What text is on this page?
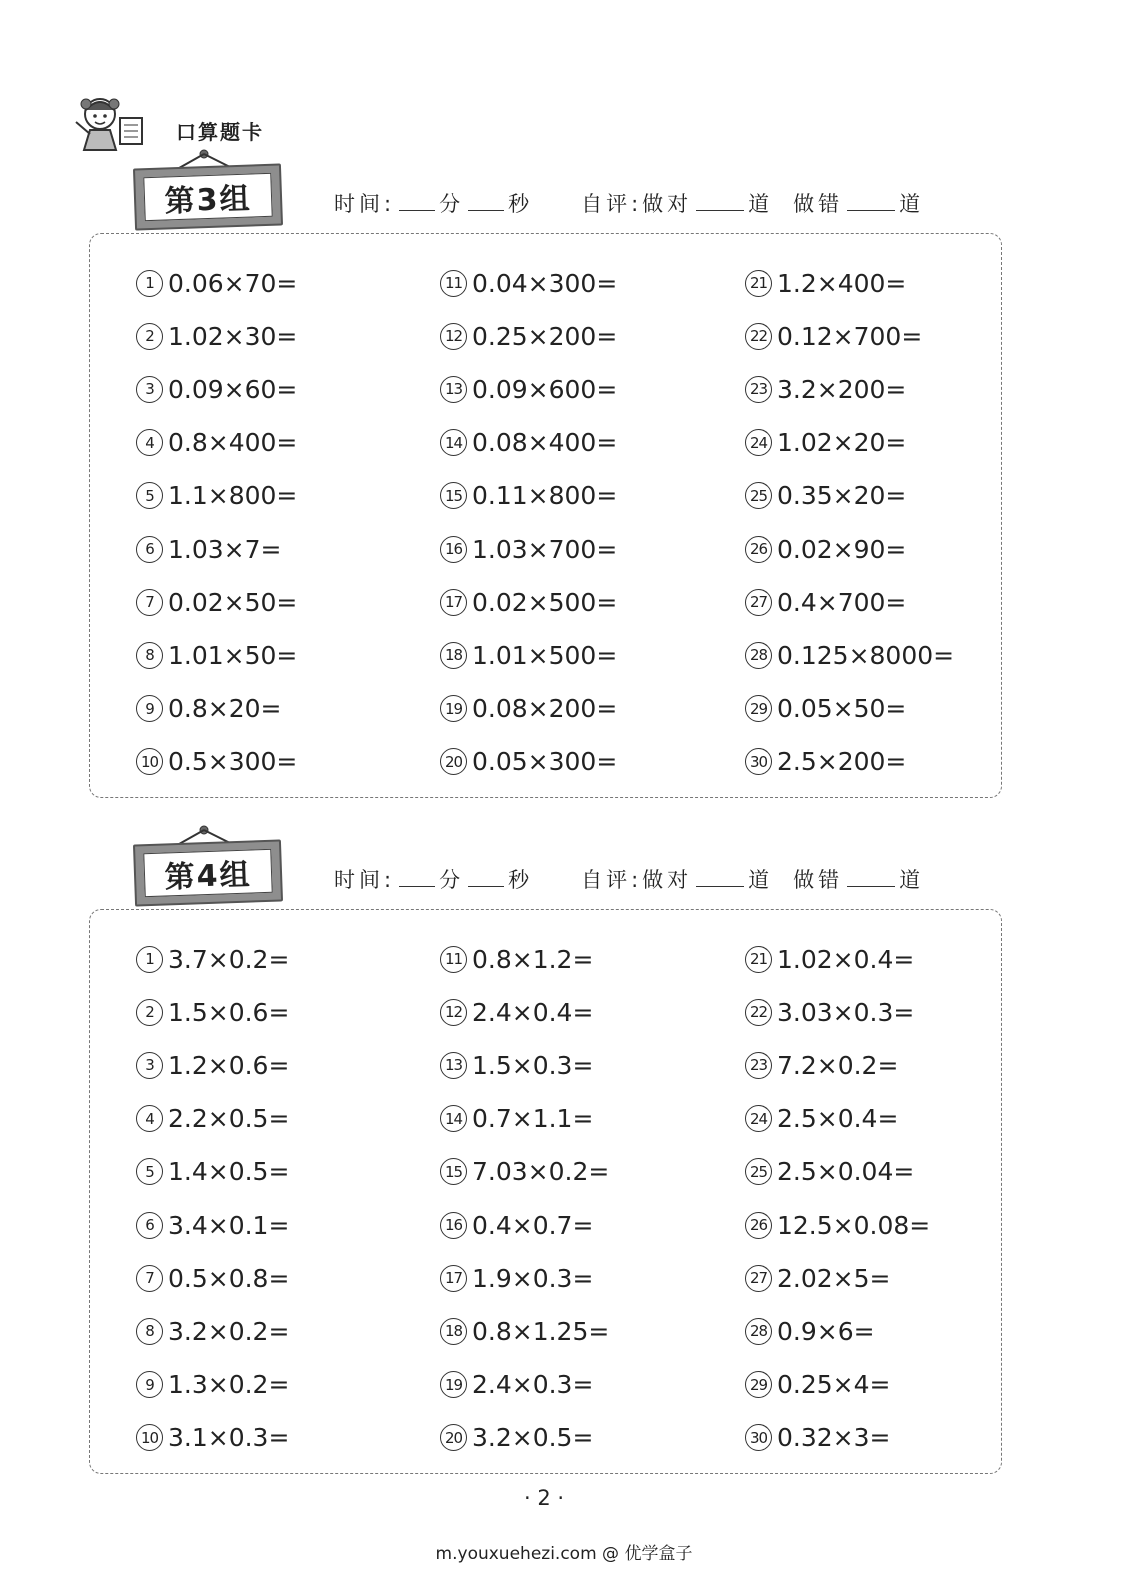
口算题卡
第3组	时间: 分 秒 自评:做对	道 做错	道
1 0.06×70=
2 1.02×30=
3 0.09×60=
4 0.8×400=
5 1.1×800=
6 1.03×7=
7 0.02×50=
8 1.01×50=
9 0.8×20=
10 0.5×300=
11 0.04×300=
12 0.25×200=
13 0.09×600=
14 0.08×400=
15 0.11×800=
16 1.03×700=
17 0.02×500=
18 1.01×500=
19 0.08×200=
20 0.05×300=
21 1.2×400=
22 0.12×700=
23 3.2×200=
24 1.02×20=
25 0.35×20=
26 0.02×90=
27 0.4×700=
28 0.125×8000=
29 0.05×50=
30 2.5×200=
第4组	时间: 分 秒 自评:做对	道 做错	道
1 3.7×0.2=
2 1.5×0.6=
3 1.2×0.6=
4 2.2×0.5=
5 1.4×0.5=
6 3.4×0.1=
7 0.5×0.8=
8 3.2×0.2=
9 1.3×0.2=
10 3.1×0.3=
11 0.8×1.2=
12 2.4×0.4=
13 1.5×0.3=
14 0.7×1.1=
15 7.03×0.2=
16 0.4×0.7=
17 1.9×0.3=
18 0.8×1.25=
19 2.4×0.3=
20 3.2×0.5=
21 1.02×0.4=
22 3.03×0.3=
23 7.2×0.2=
24 2.5×0.4=
25 2.5×0.04=
26 12.5×0.08=
27 2.02×5=
28 0.9×6=
29 0.25×4=
30 0.32×3=
· 2 ·
m.youxuehezi.com @ 优学盒子
